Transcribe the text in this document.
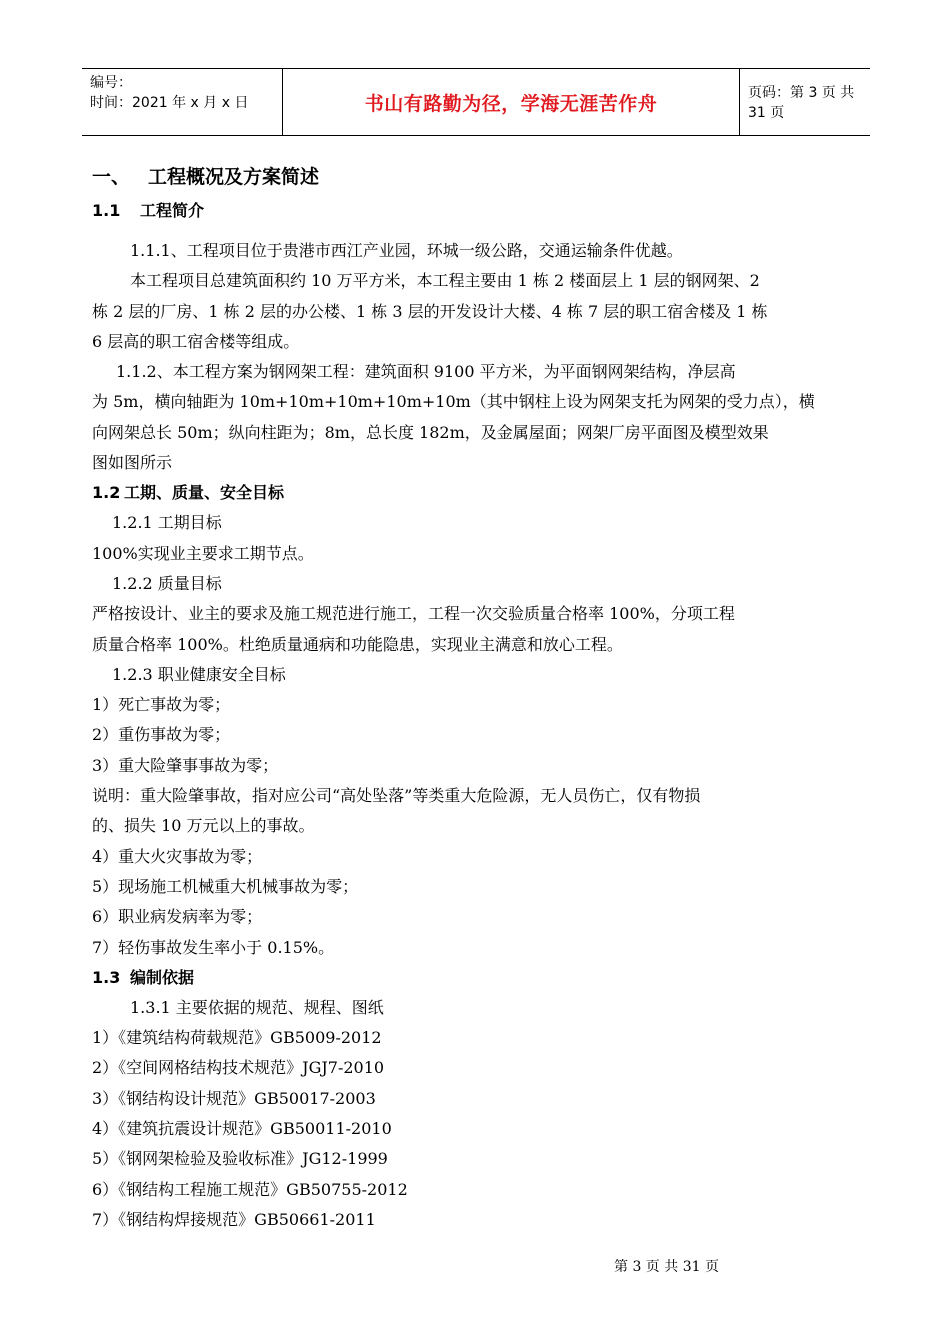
编号：
时间：2021 年 x 月 x 日	书山有路勤为径，学海无涯苦作舟	页码：第 3 页 共 31 页

一、 工程概况及方案简述

1.1 工程简介

1.1.1、工程项目位于贵港市西江产业园，环城一级公路，交通运输条件优越。

本工程项目总建筑面积约 10 万平方米，本工程主要由 1 栋 2 楼面层上 1 层的钢网架、2

栋 2 层的厂房、1 栋 2 层的办公楼、1 栋 3 层的开发设计大楼、4 栋 7 层的职工宿舍楼及 1 栋

6 层高的职工宿舍楼等组成。

1.1.2、本工程方案为钢网架工程：建筑面积 9100 平方米，为平面钢网架结构，净层高

为 5m，横向轴距为 10m+10m+10m+10m+10m（其中钢柱上设为网架支托为网架的受力点），横

向网架总长 50m；纵向柱距为；8m，总长度 182m，及金属屋面；网架厂房平面图及模型效果

图如图所示

1.2 工期、质量、安全目标

1.2.1 工期目标

100%实现业主要求工期节点。

1.2.2 质量目标

严格按设计、业主的要求及施工规范进行施工，工程一次交验质量合格率 100%，分项工程

质量合格率 100%。杜绝质量通病和功能隐患，实现业主满意和放心工程。

1.2.3 职业健康安全目标

1）死亡事故为零；

2）重伤事故为零；

3）重大险肇事事故为零；

说明：重大险肇事故，指对应公司“高处坠落”等类重大危险源，无人员伤亡，仅有物损

的、损失 10 万元以上的事故。

4）重大火灾事故为零；

5）现场施工机械重大机械事故为零；

6）职业病发病率为零；

7）轻伤事故发生率小于 0.15%。

1.3 编制依据

1.3.1 主要依据的规范、规程、图纸

1）《建筑结构荷载规范》GB5009-2012

2）《空间网格结构技术规范》JGJ7-2010

3）《钢结构设计规范》GB50017-2003

4）《建筑抗震设计规范》GB50011-2010

5）《钢网架检验及验收标准》JG12-1999

6）《钢结构工程施工规范》GB50755-2012

7）《钢结构焊接规范》GB50661-2011

第 3 页 共 31 页
